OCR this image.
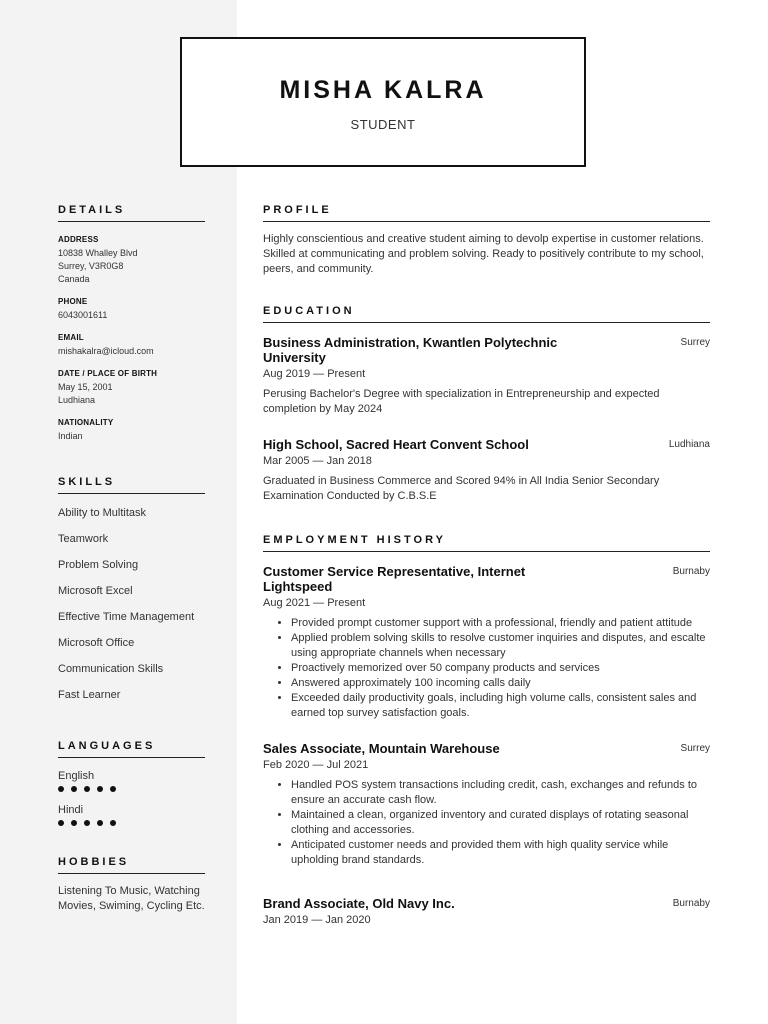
MISHA KALRA
STUDENT
DETAILS
ADDRESS
10838 Whalley Blvd
Surrey, V3R0G8
Canada
PHONE
6043001611
EMAIL
mishakalra@icloud.com
DATE / PLACE OF BIRTH
May 15, 2001
Ludhiana
NATIONALITY
Indian
SKILLS
Ability to Multitask
Teamwork
Problem Solving
Microsoft Excel
Effective Time Management
Microsoft Office
Communication Skills
Fast Learner
LANGUAGES
English
Hindi
HOBBIES
Listening To Music, Watching Movies, Swiming, Cycling Etc.
PROFILE
Highly conscientious and creative student aiming to devolp expertise in customer relations. Skilled at communicating and problem solving. Ready to positively contribute to my school, peers, and community.
EDUCATION
Business Administration, Kwantlen Polytechnic University
Surrey
Aug 2019 — Present
Perusing Bachelor's Degree with specialization in Entrepreneurship and expected completion by May 2024
High School, Sacred Heart Convent School	Ludhiana
Mar 2005 — Jan 2018
Graduated in Business Commerce and Scored 94% in All India Senior Secondary Examination Conducted by C.B.S.E
EMPLOYMENT HISTORY
Customer Service Representative, Internet Lightspeed
Burnaby
Aug 2021 — Present
• Provided prompt customer support with a professional, friendly and patient attitude
• Applied problem solving skills to resolve customer inquiries and disputes, and escalte using appropriate channels when necessary
• Proactively memorized over 50 company products and services
• Answered approximately 100 incoming calls daily
• Exceeded daily productivity goals, including high volume calls, consistent sales and earned top survey satisfaction goals.
Sales Associate, Mountain Warehouse	Surrey
Feb 2020 — Jul 2021
• Handled POS system transactions including credit, cash, exchanges and refunds to ensure an accurate cash flow.
• Maintained a clean, organized inventory and curated displays of rotating seasonal clothing and accessories.
• Anticipated customer needs and provided them with high quality service while upholding brand standards.
Brand Associate, Old Navy Inc.	Burnaby
Jan 2019 — Jan 2020
